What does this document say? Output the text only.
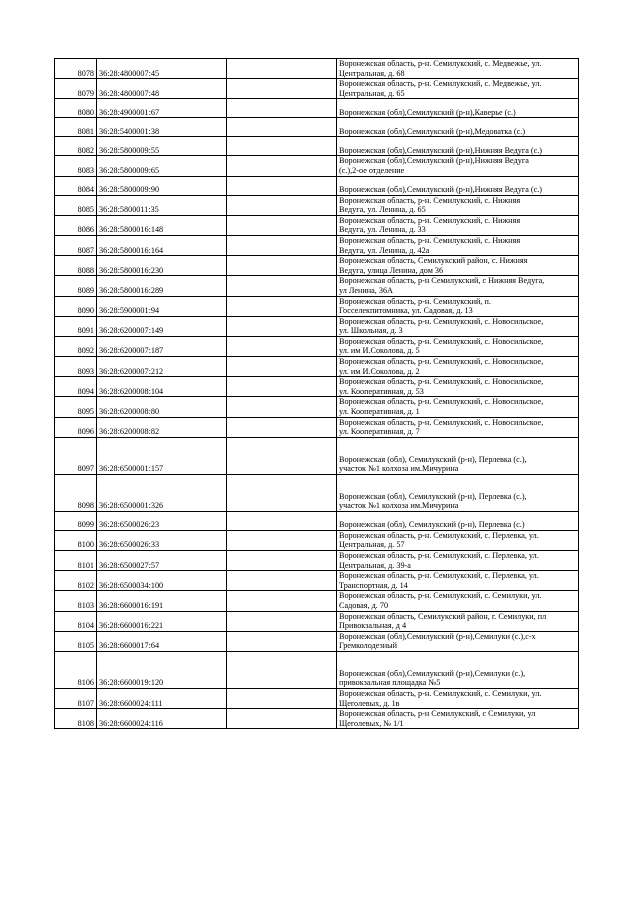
8078	36:28:4800007:45		Воронежская область, р-н. Семилукский, с. Медвежье, ул.
Центральная, д. 68

8079	36:28:4800007:48		Воронежская область, р-н. Семилукский, с. Медвежье, ул.
Центральная, д. 65

8080	36:28:4900001:67		Воронежская (обл),Семилукский (р-н),Каверье (с.)

8081	36:28:5400001:38		Воронежская (обл),Семилукский (р-н),Медоватка (с.)

8082	36:28:5800009:55		Воронежская (обл),Семилукский (р-н),Нижняя Ведуга (с.)

8083	36:28:5800009:65		Воронежская (обл),Семилукский (р-н),Нижняя Ведуга
(с.),2-ое отделение

8084	36:28:5800009:90		Воронежская (обл),Семилукский (р-н),Нижняя Ведуга (с.)

8085	36:28:5800011:35		Воронежская область, р-н. Семилукский, с. Нижняя
Ведуга, ул. Ленина, д. 65

8086	36:28:5800016:148		Воронежская область, р-н. Семилукский, с. Нижняя
Ведуга, ул. Ленина, д. 33

8087	36:28:5800016:164		Воронежская область, р-н. Семилукский, с. Нижняя
Ведуга, ул. Ленина, д. 42а

8088	36:28:5800016:230		Воронежская область, Семилукский район, с. Нижняя
Ведуга, улица Ленина, дом 36

8089	36:28:5800016:289		Воронежская область, р-н Семилукский, с Нижняя Ведуга,
ул Ленина, 36А

8090	36:28:5900001:94		Воронежская область, р-н. Семилукский, п.
Госселекпитомника, ул. Садовая, д. 13

8091	36:28:6200007:149		Воронежская область, р-н. Семилукский, с. Новосильское,
ул. Школьная, д. 3

8092	36:28:6200007:187		Воронежская область, р-н. Семилукский, с. Новосильское,
ул. им И.Соколова, д. 5

8093	36:28:6200007:212		Воронежская область, р-н. Семилукский, с. Новосильское,
ул. им И.Соколова, д. 2

8094	36:28:6200008:104		Воронежская область, р-н. Семилукский, с. Новосильское,
ул. Кооперативная, д. 53

8095	36:28:6200008:80		Воронежская область, р-н. Семилукский, с. Новосильское,
ул. Кооперативная, д. 1

8096	36:28:6200008:82		Воронежская область, р-н. Семилукский, с. Новосильское,
ул. Кооперативная, д. 7

8097	36:28:6500001:157		Воронежская (обл), Семилукский (р-н), Перлевка (с.),
участок №1 колхоза им.Мичурина

8098	36:28:6500001:326		Воронежская (обл), Семилукский (р-н), Перлевка (с.),
участок №1 колхоза им.Мичурина

8099	36:28:6500026:23		Воронежская (обл), Семилукский (р-н), Перлевка (с.)

8100	36:28:6500026:33		Воронежская область, р-н. Семилукский, с. Перлевка, ул.
Центральная, д. 57

8101	36:28:6500027:57		Воронежская область, р-н. Семилукский, с. Перлевка, ул.
Центральная, д. 39-а

8102	36:28:6500034:100		Воронежская область, р-н. Семилукский, с. Перлевка, ул.
Транспортная, д. 14

8103	36:28:6600016:191		Воронежская область, р-н. Семилукский, с. Семилуки, ул.
Садовая, д. 70

8104	36:28:6600016:221		Воронежская область, Семилукский район, г. Семилуки, пл
Привокзальная, д 4

8105	36:28:6600017:64		Воронежская (обл),Семилукский (р-н),Семилуки (с.),с-х
Гремколодезный

8106	36:28:6600019:120		Воронежская (обл),Семилукский (р-н),Семилуки (с.),
привокзальная площадка №5

8107	36:28:6600024:111		Воронежская область, р-н. Семилукский, с. Семилуки, ул.
Щеголевых, д. 1в

8108	36:28:6600024:116		Воронежская область, р-н Семилукский, с Семилуки, ул
Щеголевых, № 1/1
